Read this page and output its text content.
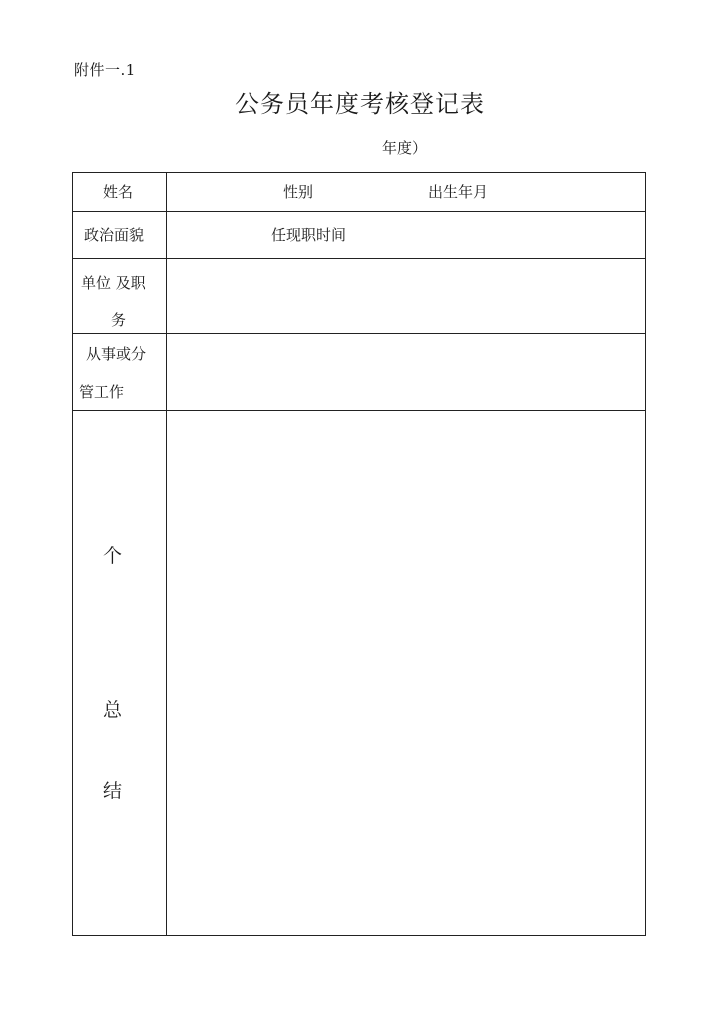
附件一.1
公务员年度考核登记表
年度）
姓名	性别	出生年月
政治面貌	任现职时间
单位 及职
务
从事或分
管工作
个
总
结
